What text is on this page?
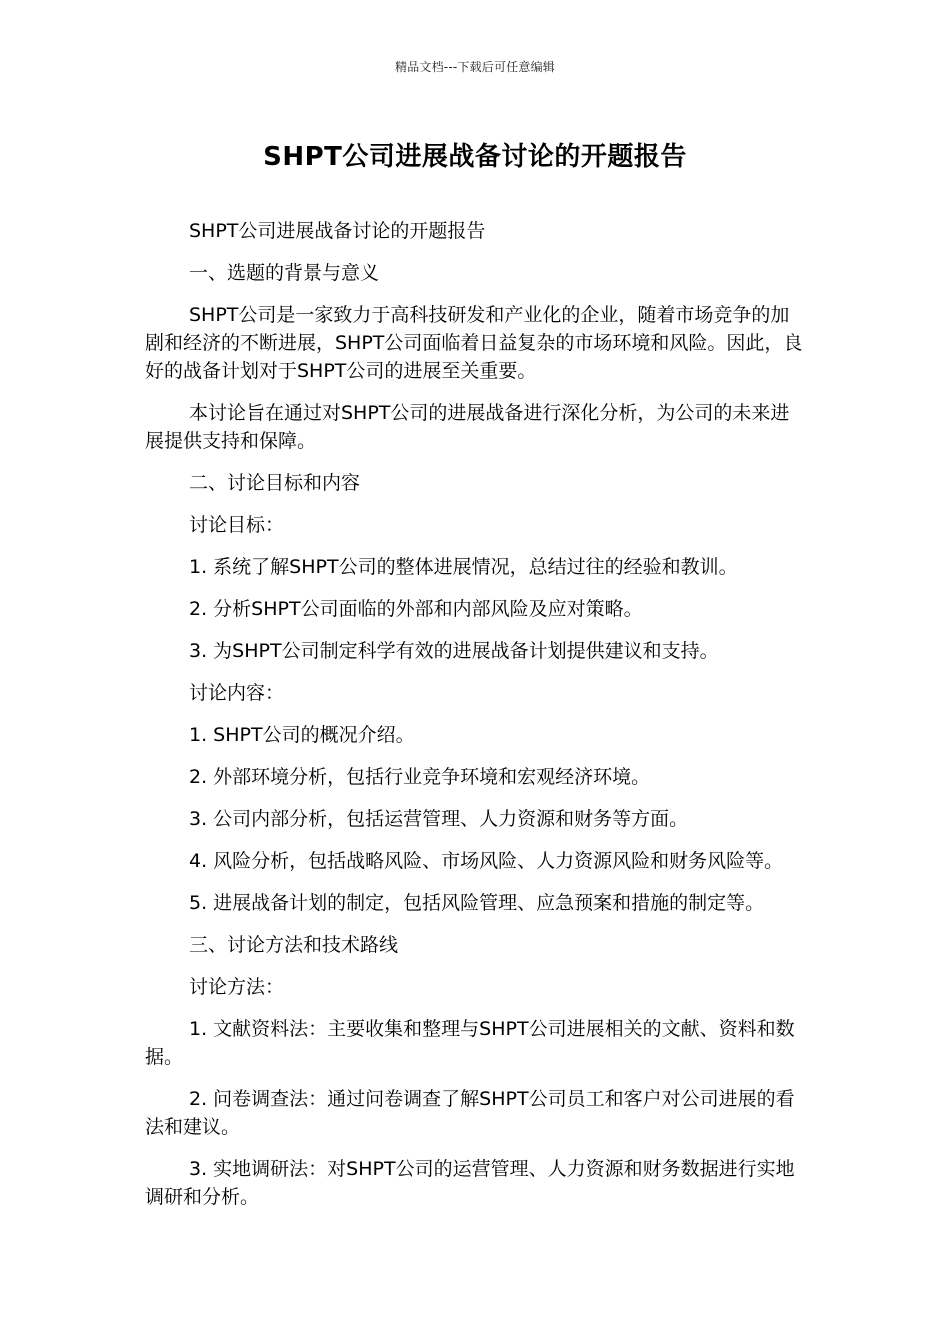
精品文档---下载后可任意编辑
SHPT公司进展战备讨论的开题报告

SHPT公司进展战备讨论的开题报告

一、选题的背景与意义

SHPT公司是一家致力于高科技研发和产业化的企业，随着市场竞争的加剧和经济的不断进展，SHPT公司面临着日益复杂的市场环境和风险。因此，良好的战备计划对于SHPT公司的进展至关重要。

本讨论旨在通过对SHPT公司的进展战备进行深化分析，为公司的未来进展提供支持和保障。

二、讨论目标和内容

讨论目标：

1. 系统了解SHPT公司的整体进展情况，总结过往的经验和教训。

2. 分析SHPT公司面临的外部和内部风险及应对策略。

3. 为SHPT公司制定科学有效的进展战备计划提供建议和支持。

讨论内容：

1. SHPT公司的概况介绍。

2. 外部环境分析，包括行业竞争环境和宏观经济环境。

3. 公司内部分析，包括运营管理、人力资源和财务等方面。

4. 风险分析，包括战略风险、市场风险、人力资源风险和财务风险等。

5. 进展战备计划的制定，包括风险管理、应急预案和措施的制定等。

三、讨论方法和技术路线

讨论方法：

1. 文献资料法：主要收集和整理与SHPT公司进展相关的文献、资料和数据。

2. 问卷调查法：通过问卷调查了解SHPT公司员工和客户对公司进展的看法和建议。

3. 实地调研法：对SHPT公司的运营管理、人力资源和财务数据进行实地调研和分析。
